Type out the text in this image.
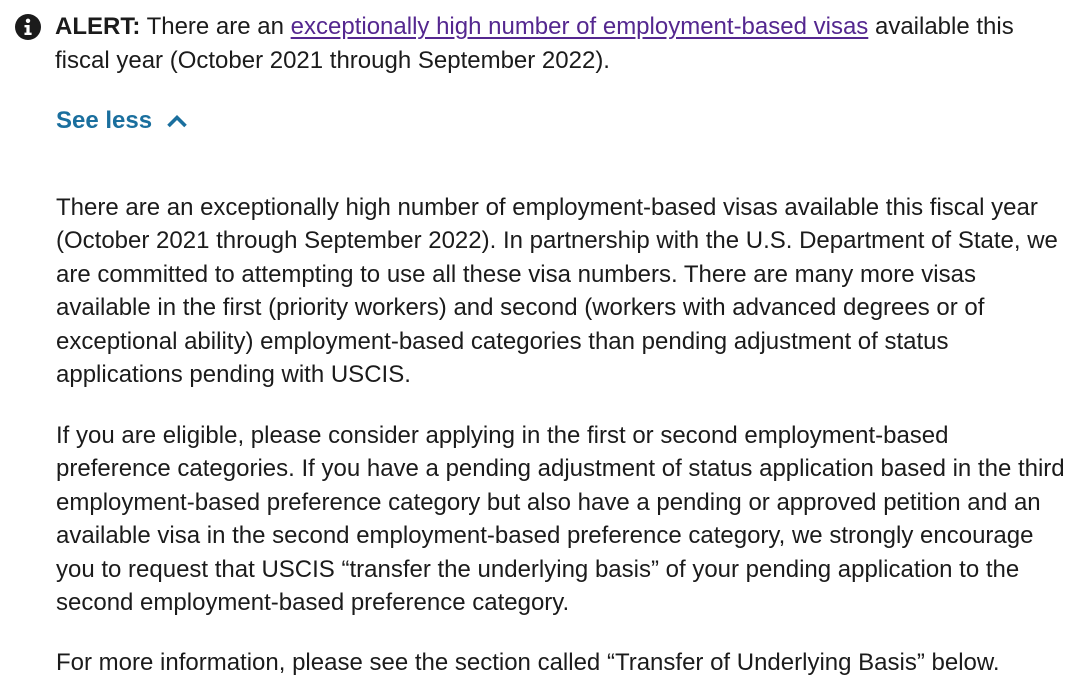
ALERT: There are an exceptionally high number of employment-based visas available this fiscal year (October 2021 through September 2022).
See less

There are an exceptionally high number of employment-based visas available this fiscal year (October 2021 through September 2022). In partnership with the U.S. Department of State, we are committed to attempting to use all these visa numbers. There are many more visas available in the first (priority workers) and second (workers with advanced degrees or of exceptional ability) employment-based categories than pending adjustment of status applications pending with USCIS.

If you are eligible, please consider applying in the first or second employment-based preference categories. If you have a pending adjustment of status application based in the third employment-based preference category but also have a pending or approved petition and an available visa in the second employment-based preference category, we strongly encourage you to request that USCIS “transfer the underlying basis” of your pending application to the second employment-based preference category.

For more information, please see the section called “Transfer of Underlying Basis” below.
